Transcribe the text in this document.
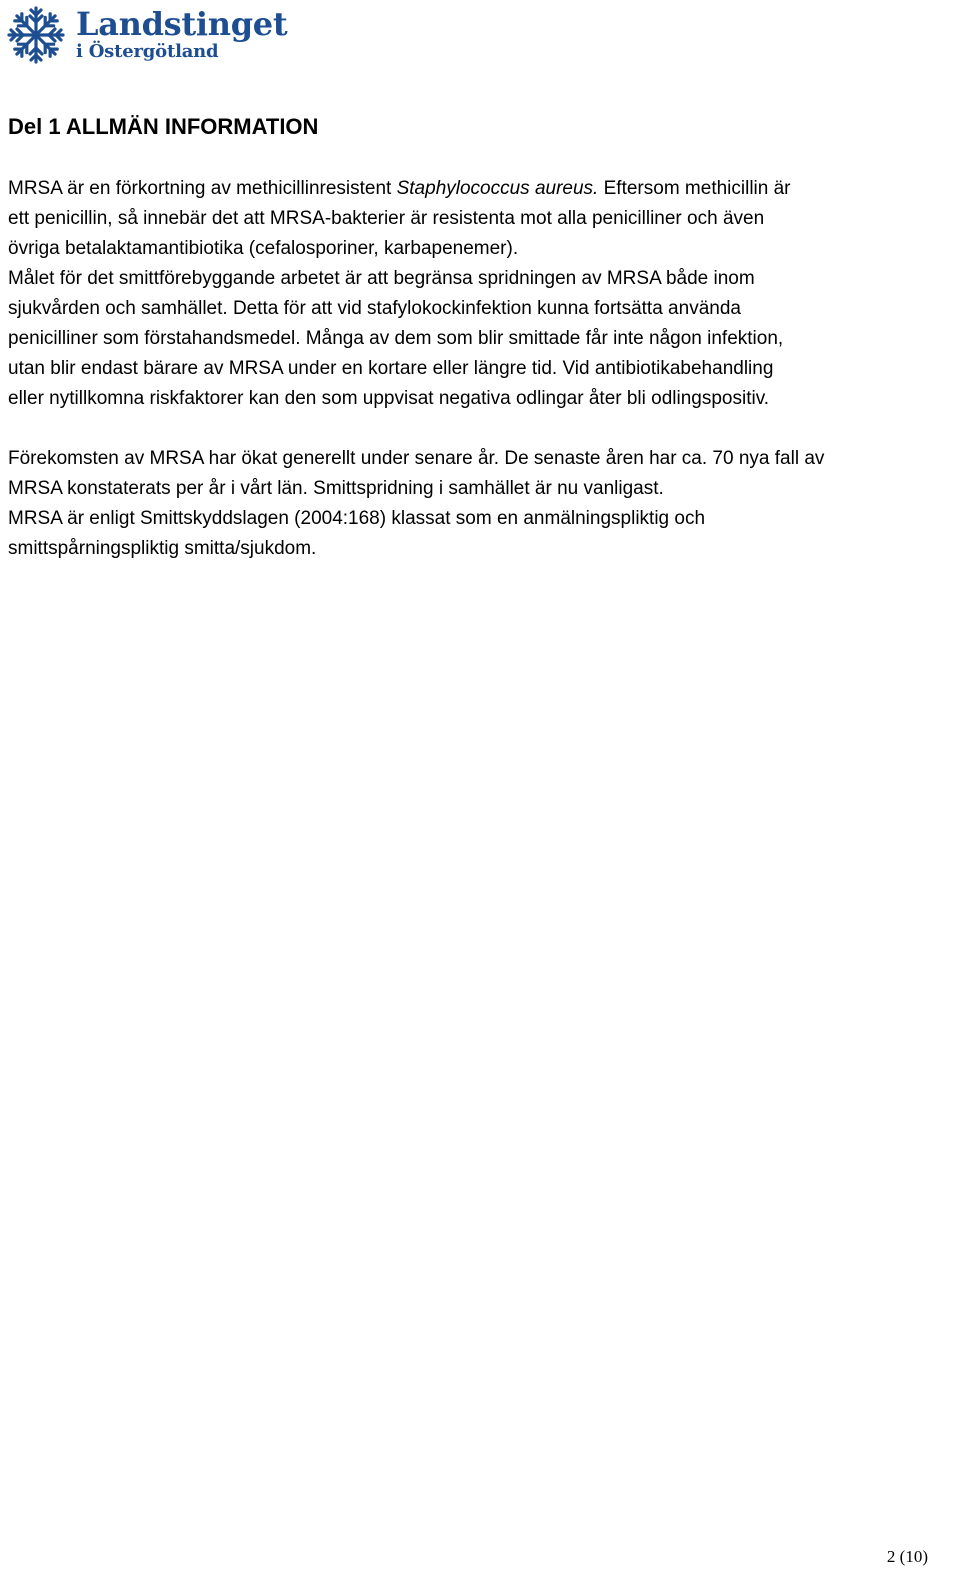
Landstinget
i Östergötland
Del 1 ALLMÄN INFORMATION
MRSA är en förkortning av methicillinresistent Staphylococcus aureus. Eftersom methicillin är
ett penicillin, så innebär det att MRSA-bakterier är resistenta mot alla penicilliner och även
övriga betalaktamantibiotika (cefalosporiner, karbapenemer).
Målet för det smittförebyggande arbetet är att begränsa spridningen av MRSA både inom
sjukvården och samhället. Detta för att vid stafylokockinfektion kunna fortsätta använda
penicilliner som förstahandsmedel. Många av dem som blir smittade får inte någon infektion,
utan blir endast bärare av MRSA under en kortare eller längre tid. Vid antibiotikabehandling
eller nytillkomna riskfaktorer kan den som uppvisat negativa odlingar åter bli odlingspositiv.
Förekomsten av MRSA har ökat generellt under senare år. De senaste åren har ca. 70 nya fall av
MRSA konstaterats per år i vårt län. Smittspridning i samhället är nu vanligast.
MRSA är enligt Smittskyddslagen (2004:168) klassat som en anmälningspliktig och
smittspårningspliktig smitta/sjukdom.
2 (10)
